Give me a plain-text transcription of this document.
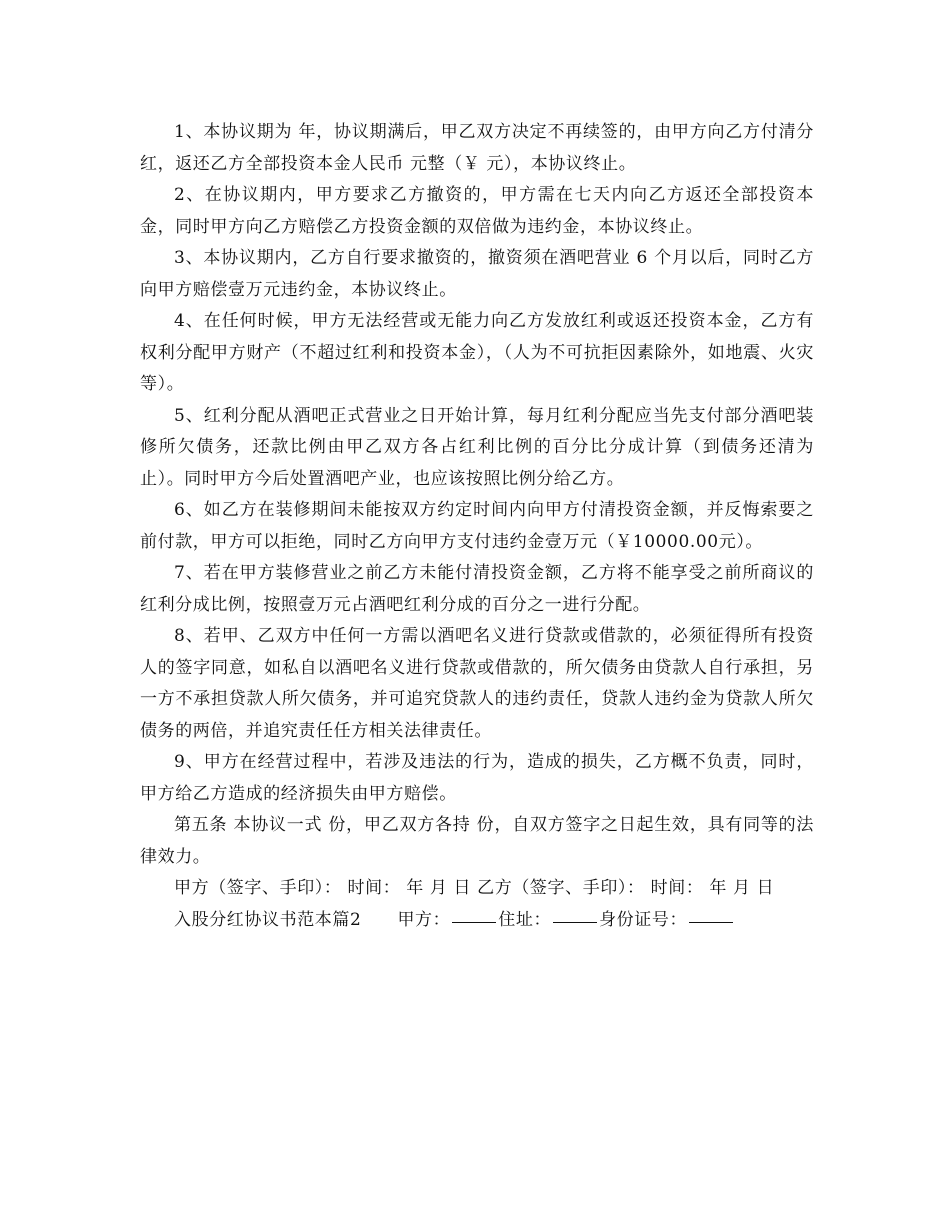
1、本协议期为 年，协议期满后，甲乙双方决定不再续签的，由甲方向乙方付清分红，返还乙方全部投资本金人民币 元整（￥ 元），本协议终止。

2、在协议期内，甲方要求乙方撤资的，甲方需在七天内向乙方返还全部投资本金，同时甲方向乙方赔偿乙方投资金额的双倍做为违约金，本协议终止。

3、本协议期内，乙方自行要求撤资的，撤资须在酒吧营业 6 个月以后，同时乙方向甲方赔偿壹万元违约金，本协议终止。

4、在任何时候，甲方无法经营或无能力向乙方发放红利或返还投资本金，乙方有权利分配甲方财产（不超过红利和投资本金），（人为不可抗拒因素除外，如地震、火灾等）。

5、红利分配从酒吧正式营业之日开始计算，每月红利分配应当先支付部分酒吧装修所欠债务，还款比例由甲乙双方各占红利比例的百分比分成计算（到债务还清为止）。同时甲方今后处置酒吧产业，也应该按照比例分给乙方。

6、如乙方在装修期间未能按双方约定时间内向甲方付清投资金额，并反悔索要之前付款，甲方可以拒绝，同时乙方向甲方支付违约金壹万元（￥10000.00元）。

7、若在甲方装修营业之前乙方未能付清投资金额，乙方将不能享受之前所商议的红利分成比例，按照壹万元占酒吧红利分成的百分之一进行分配。

8、若甲、乙双方中任何一方需以酒吧名义进行贷款或借款的，必须征得所有投资人的签字同意，如私自以酒吧名义进行贷款或借款的，所欠债务由贷款人自行承担，另一方不承担贷款人所欠债务，并可追究贷款人的违约责任，贷款人违约金为贷款人所欠债务的两倍，并追究责任任方相关法律责任。

9、甲方在经营过程中，若涉及违法的行为，造成的损失，乙方概不负责，同时，甲方给乙方造成的经济损失由甲方赔偿。

第五条 本协议一式 份，甲乙双方各持 份，自双方签字之日起生效，具有同等的法律效力。

甲方（签字、手印）： 时间： 年 月 日 乙方（签字、手印）： 时间： 年 月 日

入股分红协议书范本篇2 甲方：	住址：	身份证号：
